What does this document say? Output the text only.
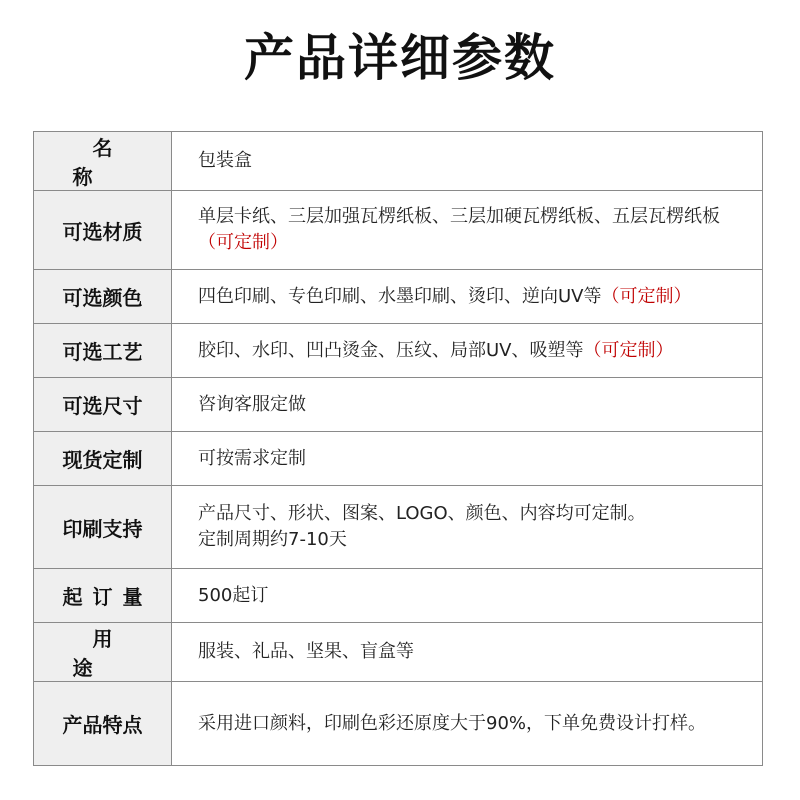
产品详细参数
名称	包装盒
可选材质	单层卡纸、三层加强瓦楞纸板、三层加硬瓦楞纸板、五层瓦楞纸板（可定制）
可选颜色	四色印刷、专色印刷、水墨印刷、烫印、逆向UV等（可定制）
可选工艺	胶印、水印、凹凸烫金、压纹、局部UV、吸塑等（可定制）
可选尺寸	咨询客服定做
现货定制	可按需求定制
印刷支持	产品尺寸、形状、图案、LOGO、颜色、内容均可定制。
定制周期约7-10天

起订量	500起订
用途	服装、礼品、坚果、盲盒等
产品特点	采用进口颜料，印刷色彩还原度大于90%，下单免费设计打样。
